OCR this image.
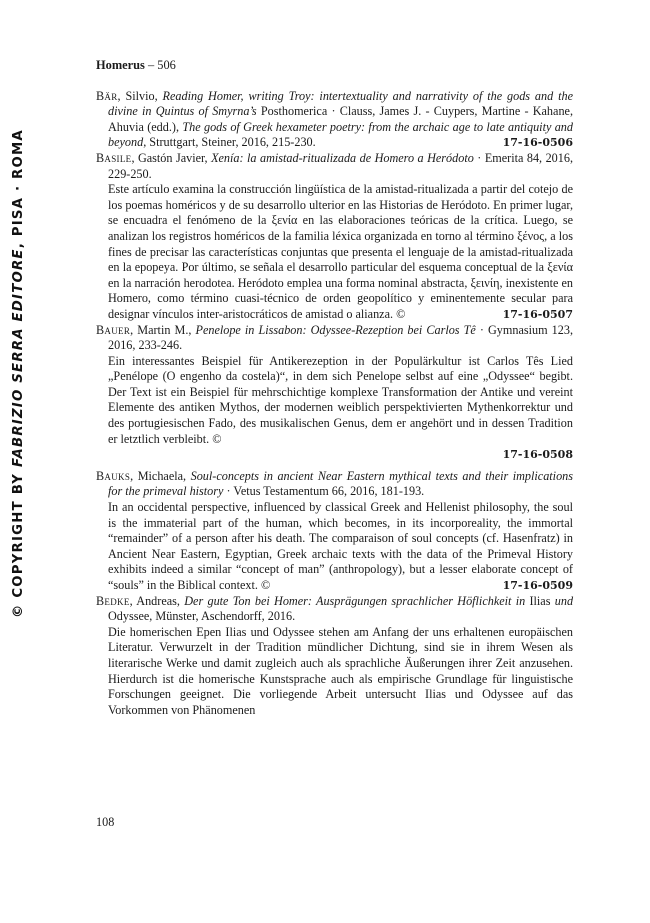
© COPYRIGHT BY FABRIZIO SERRA EDITORE, PISA · ROMA
Homerus – 506
Bär, Silvio, Reading Homer, writing Troy: intertextuality and narrativity of the gods and the divine in Quintus of Smyrna’s Posthomerica · Clauss, James J. - Cuypers, Martine - Kahane, Ahuvia (edd.), The gods of Greek hexameter poetry: from the archaic age to late antiquity and beyond, Struttgart, Steiner, 2016, 215-230.	17-16-0506
Basile, Gastón Javier, Xenía: la amistad-ritualizada de Homero a Heródoto · Emerita 84, 2016, 229-250.
Este artículo examina la construcción lingüística de la amistad-ritualizada a partir del cotejo de los poemas homéricos y de su desarrollo ulterior en las Historias de Heródoto. En primer lugar, se encuadra el fenómeno de la ξενία en las elaboraciones teóricas de la crítica. Luego, se analizan los registros homéricos de la familia léxica organizada en torno al término ξένος, a los fines de precisar las características conjuntas que presenta el lenguaje de la amistad-ritualizada en la epopeya. Por último, se señala el desarrollo particular del esquema conceptual de la ξενία en la narración herodotea. Heródoto emplea una forma nominal abstracta, ξεινίη, inexistente en Homero, como término cuasi-técnico de orden geopolítico y eminentemente secular para designar vínculos inter-aristocráticos de amistad o alianza. ©	17-16-0507
Bauer, Martin M., Penelope in Lissabon: Odyssee-Rezeption bei Carlos Tê · Gymnasium 123, 2016, 233-246.
Ein interessantes Beispiel für Antikerezeption in der Populärkultur ist Carlos Tês Lied „Penélope (O engenho da costela)“, in dem sich Penelope selbst auf eine „Odyssee“ begibt. Der Text ist ein Beispiel für mehrschichtige komplexe Transformation der Antike und vereint Elemente des antiken Mythos, der modernen weiblich perspektivierten Mythenkorrektur und des portugiesischen Fado, des musikalischen Genus, dem er angehört und in dessen Tradition er letztlich verbleibt. ©
17-16-0508
Bauks, Michaela, Soul-concepts in ancient Near Eastern mythical texts and their implications for the primeval history · Vetus Testamentum 66, 2016, 181-193.
In an occidental perspective, influenced by classical Greek and Hellenist philosophy, the soul is the immaterial part of the human, which becomes, in its incorporeality, the immortal “remainder” of a person after his death. The comparaison of soul concepts (cf. Hasenfratz) in Ancient Near Eastern, Egyptian, Greek archaic texts with the data of the Primeval History exhibits indeed a similar “concept of man” (anthropology), but a lesser elaborate concept of “souls” in the Biblical context. ©	17-16-0509
Bedke, Andreas, Der gute Ton bei Homer: Ausprägungen sprachlicher Höflichkeit in Ilias und Odyssee, Münster, Aschendorff, 2016.
Die homerischen Epen Ilias und Odyssee stehen am Anfang der uns erhaltenen europäischen Literatur. Verwurzelt in der Tradition mündlicher Dichtung, sind sie in ihrem Wesen als literarische Werke und damit zugleich auch als sprachliche Äußerungen ihrer Zeit anzusehen. Hierdurch ist die homerische Kunstsprache auch als empirische Grundlage für linguistische Forschungen geeignet. Die vorliegende Arbeit untersucht Ilias und Odyssee auf das Vorkommen von Phänomenen
108
